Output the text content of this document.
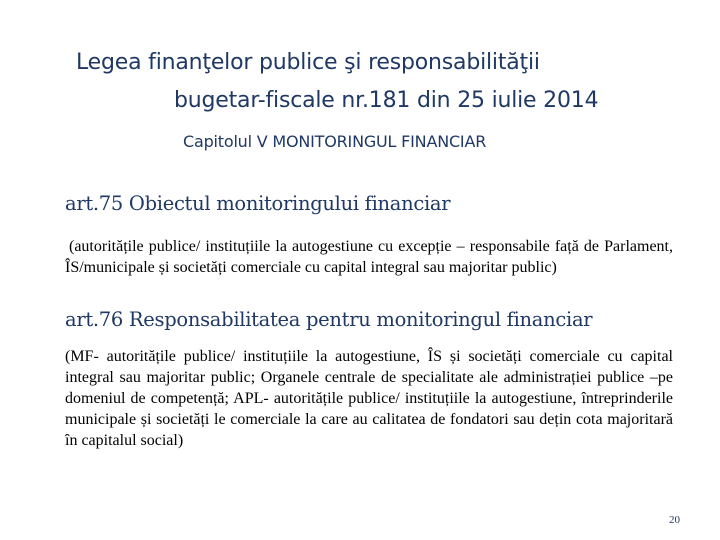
Legea finanţelor publice şi responsabilităţii
bugetar-fiscale nr.181 din 25 iulie 2014
Capitolul V MONITORINGUL FINANCIAR
art.75 Obiectul monitoringului financiar
(autoritățile publice/ instituțiile la autogestiune cu excepție – responsabile față de Parlament, ÎS/municipale și societăți comerciale cu capital integral sau majoritar public)
art.76 Responsabilitatea pentru monitoringul financiar
(MF- autoritățile publice/ instituțiile la autogestiune, ÎS și societăți comerciale cu capital integral sau majoritar public; Organele centrale de specialitate ale administrației publice –pe domeniul de competență; APL- autoritățile publice/ instituțiile la autogestiune, întreprinderile municipale și societăți le comerciale la care au calitatea de fondatori sau dețin cota majoritară în capitalul social)
20
